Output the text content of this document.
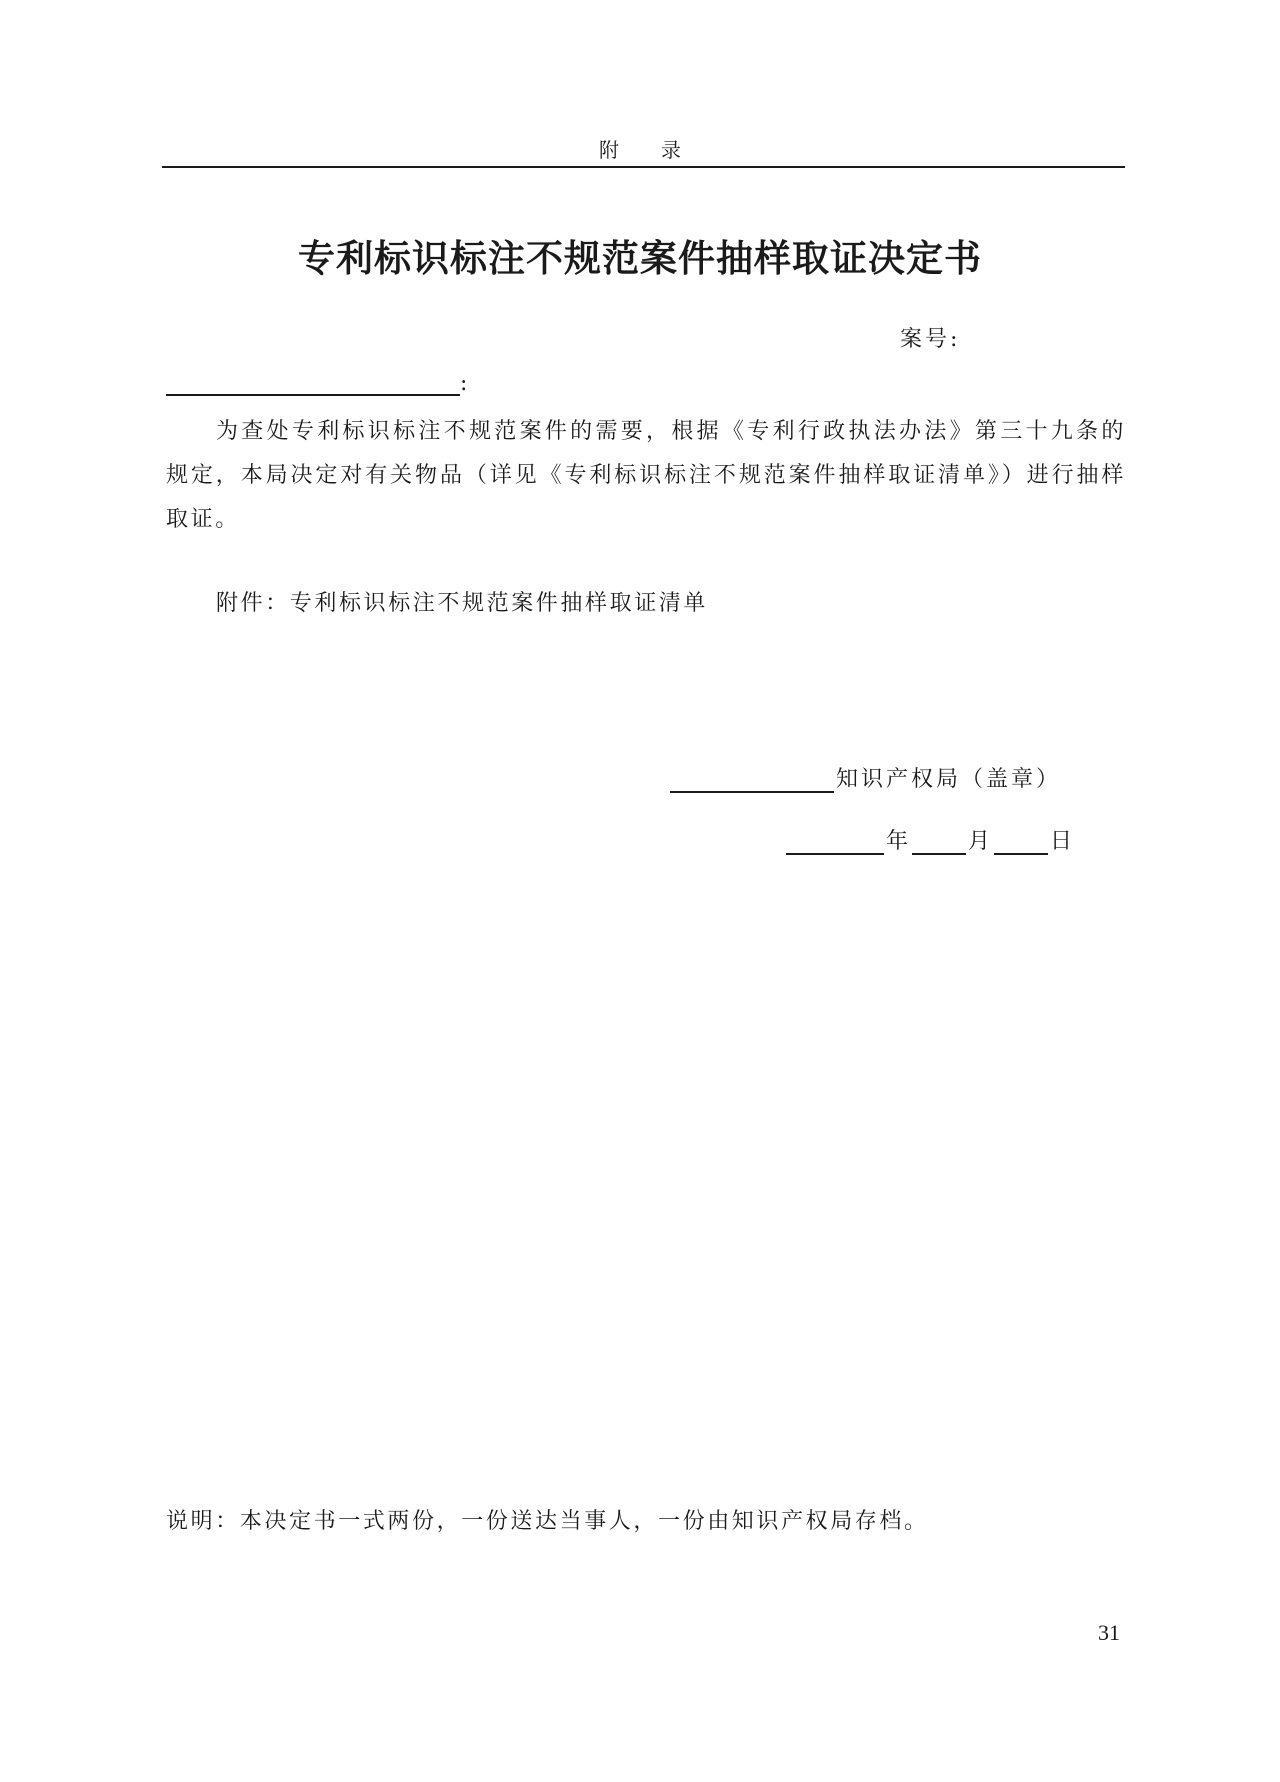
附录
专利标识标注不规范案件抽样取证决定书
案号:
:
为查处专利标识标注不规范案件的需要，根据《专利行政执法办法》第三十九条的规定，本局决定对有关物品（详见《专利标识标注不规范案件抽样取证清单》）进行抽样取证。
附件：专利标识标注不规范案件抽样取证清单
知识产权局（盖章）
年	月	日
说明：本决定书一式两份，一份送达当事人，一份由知识产权局存档。
31
